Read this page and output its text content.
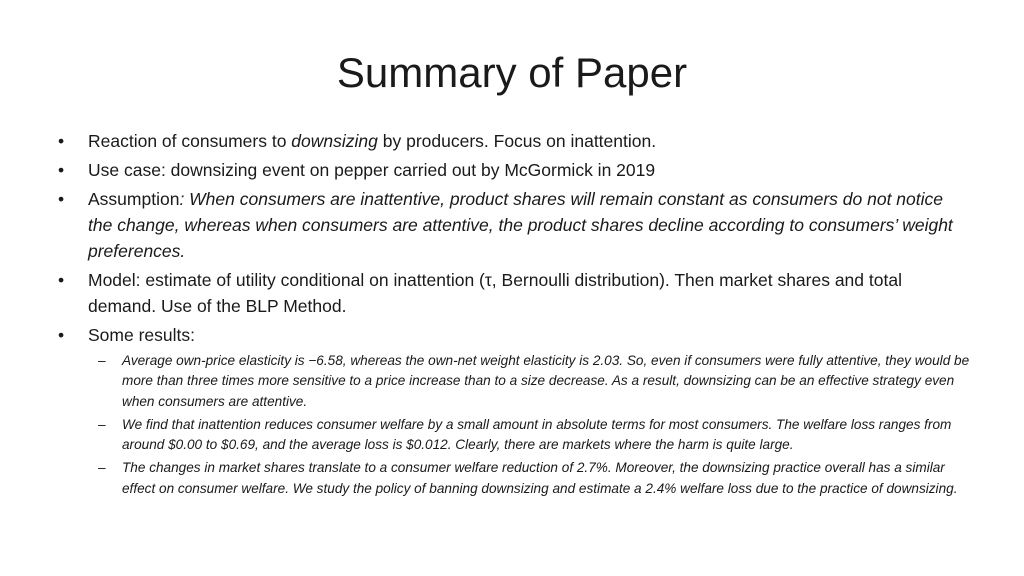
Summary of Paper
• Reaction of consumers to downsizing by producers. Focus on inattention.
• Use case: downsizing event on pepper carried out by McGormick in 2019
• Assumption: When consumers are inattentive, product shares will remain constant as consumers do not notice the change, whereas when consumers are attentive, the product shares decline according to consumers’ weight preferences.
• Model: estimate of utility conditional on inattention (τ, Bernoulli distribution). Then market shares and total demand. Use of the BLP Method.
• Some results:
– Average own-price elasticity is −6.58, whereas the own-net weight elasticity is 2.03. So, even if consumers were fully attentive, they would be more than three times more sensitive to a price increase than to a size decrease. As a result, downsizing can be an effective strategy even when consumers are attentive.
– We find that inattention reduces consumer welfare by a small amount in absolute terms for most consumers. The welfare loss ranges from around $0.00 to $0.69, and the average loss is $0.012. Clearly, there are markets where the harm is quite large.
– The changes in market shares translate to a consumer welfare reduction of 2.7%. Moreover, the downsizing practice overall has a similar effect on consumer welfare. We study the policy of banning downsizing and estimate a 2.4% welfare loss due to the practice of downsizing.
